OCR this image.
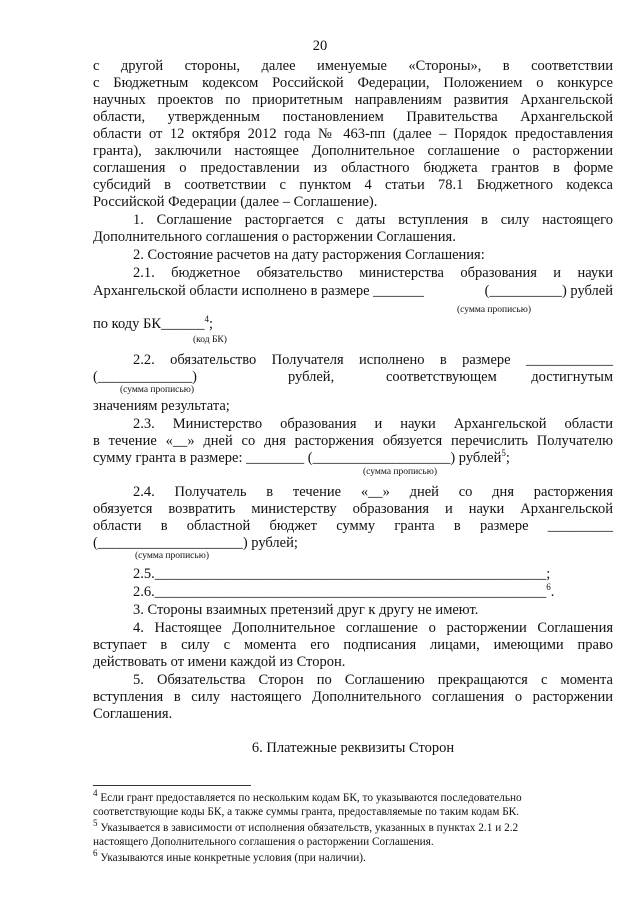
20
с другой стороны, далее именуемые «Стороны», в соответствии
с Бюджетным кодексом Российской Федерации, Положением о конкурсе
научных проектов по приоритетным направлениям развития Архангельской
области, утвержденным постановлением Правительства Архангельской
области от 12 октября 2012 года № 463-пп (далее – Порядок предоставления
гранта), заключили настоящее Дополнительное соглашение о расторжении
соглашения о предоставлении из областного бюджета грантов в форме
субсидий в соответствии с пунктом 4 статьи 78.1 Бюджетного кодекса
Российской Федерации (далее – Соглашение).
1. Соглашение расторгается с даты вступления в силу настоящего
Дополнительного соглашения о расторжении Соглашения.
2. Состояние расчетов на дату расторжения Соглашения:
2.1. бюджетное обязательство министерства образования и науки
Архангельской области исполнено в размере _______	(__________) рублей
(сумма прописью)
по коду БК______$^4$;
(код БК)
2.2. обязательство Получателя исполнено в размере ____________
(_____________)	рублей,	соответствующем	достигнутым
(сумма прописью)
значениям результата;
2.3. Министерство образования и науки Архангельской области
в течение «__» дней со дня расторжения обязуется перечислить Получателю
сумму гранта в размере: ________ (___________________) рублей$^5$;
(сумма прописью)
2.4. Получатель в течение «__» дней со дня расторжения
обязуется возвратить министерству образования и науки Архангельской
области в областной бюджет сумму гранта в размере _________
(____________________) рублей;
(сумма прописью)
2.5.______________________________________________________;
2.6.______________________________________________________$^6$.
3. Стороны взаимных претензий друг к другу не имеют.
4. Настоящее Дополнительное соглашение о расторжении Соглашения
вступает в силу с момента его подписания лицами, имеющими право
действовать от имени каждой из Сторон.
5. Обязательства Сторон по Соглашению прекращаются с момента
вступления в силу настоящего Дополнительного соглашения о расторжении
Соглашения.
6. Платежные реквизиты Сторон
$^4$ Если грант предоставляется по нескольким кодам БК, то указываются последовательно
соответствующие коды БК, а также суммы гранта, предоставляемые по таким кодам БК.
$^5$ Указывается в зависимости от исполнения обязательств, указанных в пунктах 2.1 и 2.2
настоящего Дополнительного соглашения о расторжении Соглашения.
$^6$ Указываются иные конкретные условия (при наличии).
